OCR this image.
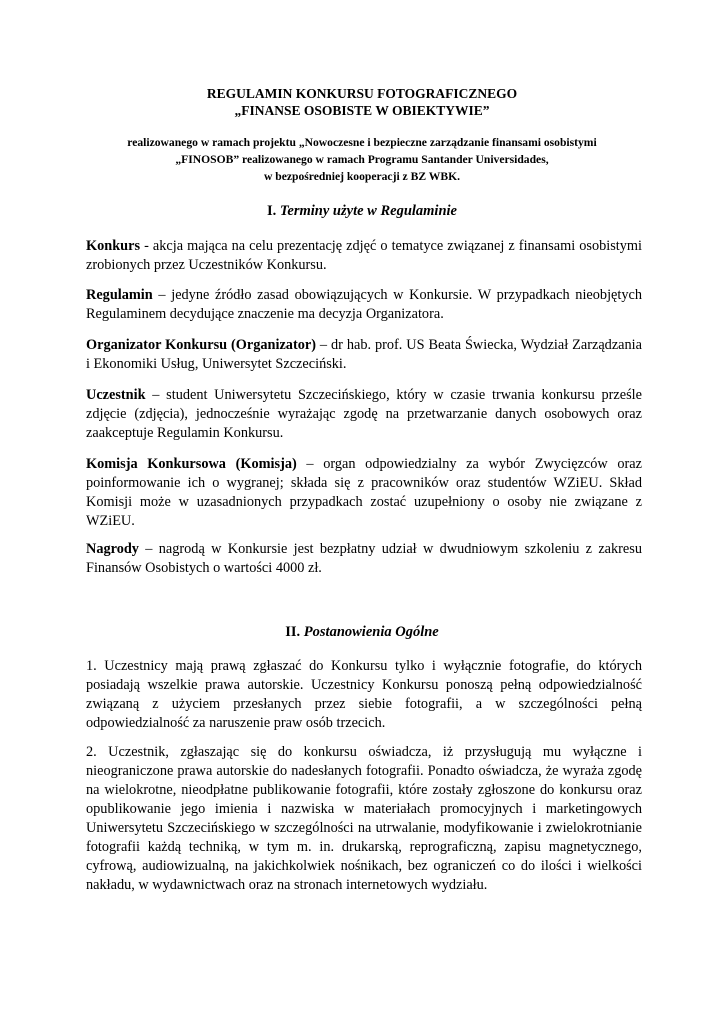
REGULAMIN KONKURSU FOTOGRAFICZNEGO
„FINANSE OSOBISTE W OBIEKTYWIE”
realizowanego w ramach projektu „Nowoczesne i bezpieczne zarządzanie finansami osobistymi
„FINOSOB” realizowanego w ramach Programu Santander Universidades,
w bezpośredniej kooperacji z BZ WBK.
I. Terminy użyte w Regulaminie
Konkurs - akcja mająca na celu prezentację zdjęć o tematyce związanej z finansami osobistymi zrobionych przez Uczestników Konkursu.
Regulamin – jedyne źródło zasad obowiązujących w Konkursie. W przypadkach nieobjętych Regulaminem decydujące znaczenie ma decyzja Organizatora.
Organizator Konkursu (Organizator) – dr hab. prof. US Beata Świecka, Wydział Zarządzania i Ekonomiki Usług, Uniwersytet Szczeciński.
Uczestnik – student Uniwersytetu Szczecińskiego, który w czasie trwania konkursu prześle zdjęcie (zdjęcia), jednocześnie wyrażając zgodę na przetwarzanie danych osobowych oraz zaakceptuje Regulamin Konkursu.
Komisja Konkursowa (Komisja) – organ odpowiedzialny za wybór Zwycięzców oraz poinformowanie ich o wygranej; składa się z pracowników oraz studentów WZiEU. Skład Komisji może w uzasadnionych przypadkach zostać uzupełniony o osoby nie związane z WZiEU.
Nagrody – nagrodą w Konkursie jest bezpłatny udział w dwudniowym szkoleniu z zakresu Finansów Osobistych o wartości 4000 zł.
II. Postanowienia Ogólne
1. Uczestnicy mają prawą zgłaszać do Konkursu tylko i wyłącznie fotografie, do których posiadają wszelkie prawa autorskie. Uczestnicy Konkursu ponoszą pełną odpowiedzialność związaną z użyciem przesłanych przez siebie fotografii, a w szczególności pełną odpowiedzialność za naruszenie praw osób trzecich.
2. Uczestnik, zgłaszając się do konkursu oświadcza, iż przysługują mu wyłączne i nieograniczone prawa autorskie do nadesłanych fotografii. Ponadto oświadcza, że wyraża zgodę na wielokrotne, nieodpłatne publikowanie fotografii, które zostały zgłoszone do konkursu oraz opublikowanie jego imienia i nazwiska w materiałach promocyjnych i marketingowych Uniwersytetu Szczecińskiego w szczególności na utrwalanie, modyfikowanie i zwielokrotnianie fotografii każdą techniką, w tym m. in. drukarską, reprograficzną, zapisu magnetycznego, cyfrową, audiowizualną, na jakichkolwiek nośnikach, bez ograniczeń co do ilości i wielkości nakładu, w wydawnictwach oraz na stronach internetowych wydziału.
